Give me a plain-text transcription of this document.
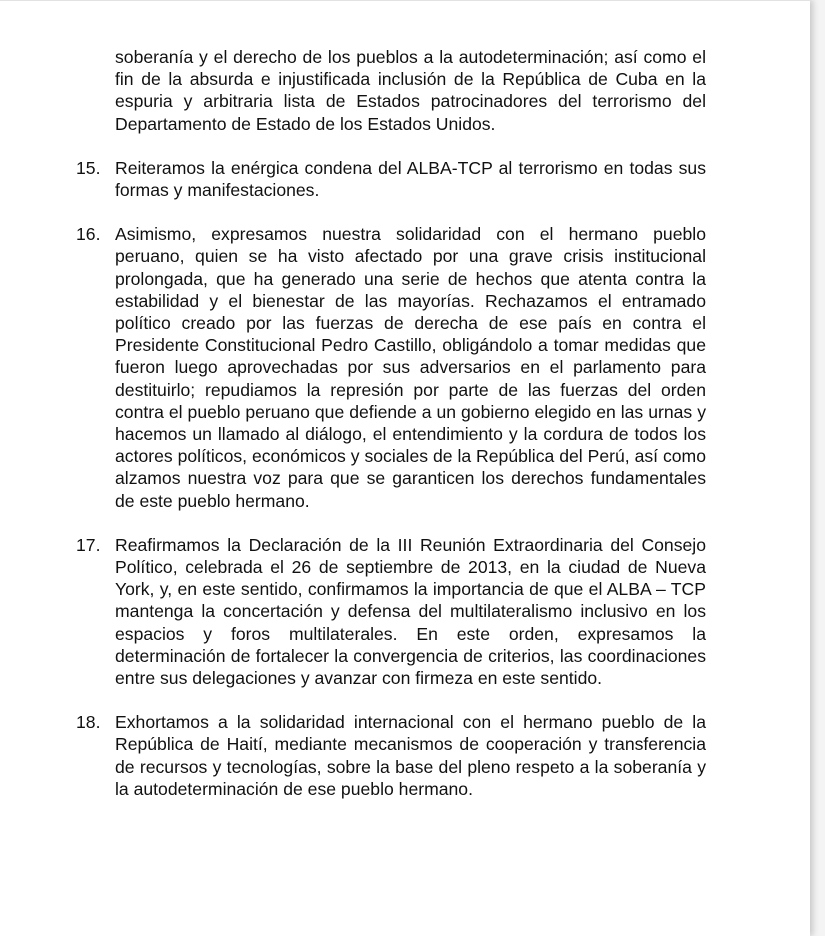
soberanía y el derecho de los pueblos a la autodeterminación; así como el fin de la absurda e injustificada inclusión de la República de Cuba en la espuria y arbitraria lista de Estados patrocinadores del terrorismo del Departamento de Estado de los Estados Unidos.

15. Reiteramos la enérgica condena del ALBA-TCP al terrorismo en todas sus formas y manifestaciones.

16. Asimismo, expresamos nuestra solidaridad con el hermano pueblo peruano, quien se ha visto afectado por una grave crisis institucional prolongada, que ha generado una serie de hechos que atenta contra la estabilidad y el bienestar de las mayorías. Rechazamos el entramado político creado por las fuerzas de derecha de ese país en contra el Presidente Constitucional Pedro Castillo, obligándolo a tomar medidas que fueron luego aprovechadas por sus adversarios en el parlamento para destituirlo; repudiamos la represión por parte de las fuerzas del orden contra el pueblo peruano que defiende a un gobierno elegido en las urnas y hacemos un llamado al diálogo, el entendimiento y la cordura de todos los actores políticos, económicos y sociales de la República del Perú, así como alzamos nuestra voz para que se garanticen los derechos fundamentales de este pueblo hermano.

17. Reafirmamos la Declaración de la III Reunión Extraordinaria del Consejo Político, celebrada el 26 de septiembre de 2013, en la ciudad de Nueva York, y, en este sentido, confirmamos la importancia de que el ALBA – TCP mantenga la concertación y defensa del multilateralismo inclusivo en los espacios y foros multilaterales. En este orden, expresamos la determinación de fortalecer la convergencia de criterios, las coordinaciones entre sus delegaciones y avanzar con firmeza en este sentido.

18. Exhortamos a la solidaridad internacional con el hermano pueblo de la República de Haití, mediante mecanismos de cooperación y transferencia de recursos y tecnologías, sobre la base del pleno respeto a la soberanía y la autodeterminación de ese pueblo hermano.
